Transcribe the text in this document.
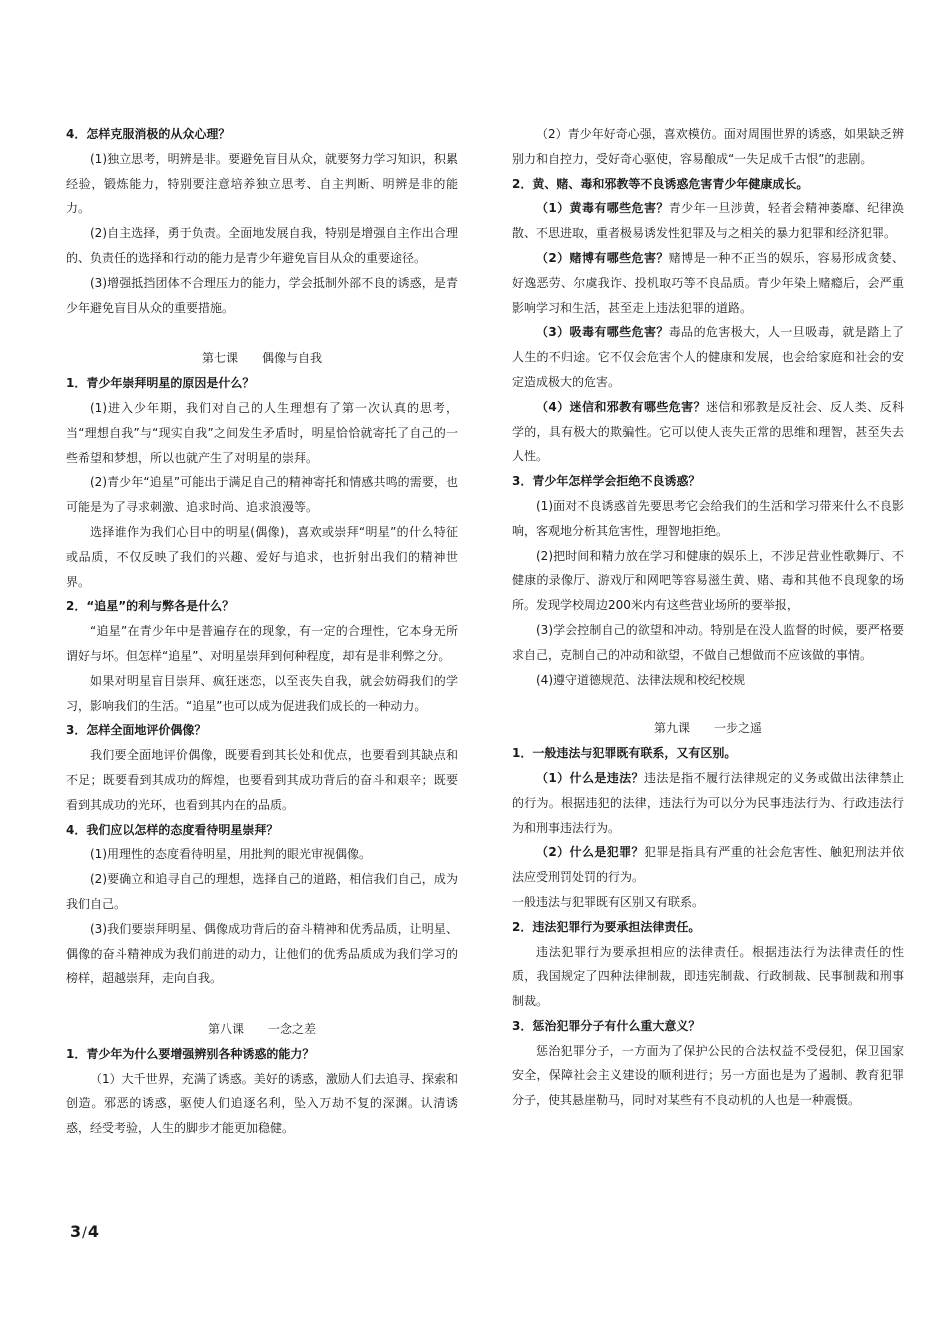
4．怎样克服消极的从众心理？

(1)独立思考，明辨是非。要避免盲目从众，就要努力学习知识，积累经验，锻炼能力，特别要注意培养独立思考、自主判断、明辨是非的能力。

(2)自主选择，勇于负责。全面地发展自我，特别是增强自主作出合理的、负责任的选择和行动的能力是青少年避免盲目从众的重要途径。

(3)增强抵挡团体不合理压力的能力，学会抵制外部不良的诱惑，是青少年避免盲目从众的重要措施。

第七课　　偶像与自我

1．青少年崇拜明星的原因是什么？

(1)进入少年期，我们对自己的人生理想有了第一次认真的思考，当“理想自我”与“现实自我”之间发生矛盾时，明星恰恰就寄托了自己的一些希望和梦想，所以也就产生了对明星的崇拜。

(2)青少年“追星”可能出于满足自己的精神寄托和情感共鸣的需要，也可能是为了寻求刺激、追求时尚、追求浪漫等。

选择谁作为我们心目中的明星(偶像)，喜欢或崇拜“明星”的什么特征或品质，不仅反映了我们的兴趣、爱好与追求，也折射出我们的精神世界。

2．“追星”的利与弊各是什么？

“追星”在青少年中是普遍存在的现象，有一定的合理性，它本身无所谓好与坏。但怎样“追星”、对明星崇拜到何种程度，却有是非利弊之分。

如果对明星盲目崇拜、疯狂迷恋，以至丧失自我，就会妨碍我们的学习，影响我们的生活。“追星”也可以成为促进我们成长的一种动力。

3．怎样全面地评价偶像？

我们要全面地评价偶像，既要看到其长处和优点，也要看到其缺点和不足；既要看到其成功的辉煌，也要看到其成功背后的奋斗和艰辛；既要看到其成功的光环，也看到其内在的品质。

4．我们应以怎样的态度看待明星崇拜？

(1)用理性的态度看待明星，用批判的眼光审视偶像。

(2)要确立和追寻自己的理想，选择自己的道路，相信我们自己，成为我们自己。

(3)我们要崇拜明星、偶像成功背后的奋斗精神和优秀品质，让明星、偶像的奋斗精神成为我们前进的动力，让他们的优秀品质成为我们学习的榜样，超越崇拜，走向自我。

第八课　　一念之差

1．青少年为什么要增强辨别各种诱惑的能力？

（1）大千世界，充满了诱惑。美好的诱惑，激励人们去追寻、探索和创造。邪恶的诱惑，驱使人们追逐名利，坠入万劫不复的深渊。认清诱惑，经受考验，人生的脚步才能更加稳健。

（2）青少年好奇心强，喜欢模仿。面对周围世界的诱惑，如果缺乏辨别力和自控力，受好奇心驱使，容易酿成“一失足成千古恨”的悲剧。

2．黄、赌、毒和邪教等不良诱惑危害青少年健康成长。

（1）黄毒有哪些危害？青少年一旦涉黄，轻者会精神萎靡、纪律涣散、不思进取，重者极易诱发性犯罪及与之相关的暴力犯罪和经济犯罪。

（2）赌博有哪些危害？赌博是一种不正当的娱乐，容易形成贪婪、好逸恶劳、尔虞我诈、投机取巧等不良品质。青少年染上赌瘾后，会严重影响学习和生活，甚至走上违法犯罪的道路。

（3）吸毒有哪些危害？毒品的危害极大，人一旦吸毒，就是踏上了人生的不归途。它不仅会危害个人的健康和发展，也会给家庭和社会的安定造成极大的危害。

（4）迷信和邪教有哪些危害？迷信和邪教是反社会、反人类、反科学的，具有极大的欺骗性。它可以使人丧失正常的思维和理智，甚至失去人性。

3．青少年怎样学会拒绝不良诱惑？

(1)面对不良诱惑首先要思考它会给我们的生活和学习带来什么不良影响，客观地分析其危害性，理智地拒绝。

(2)把时间和精力放在学习和健康的娱乐上，不涉足营业性歌舞厅、不健康的录像厅、游戏厅和网吧等容易滋生黄、赌、毒和其他不良现象的场所。发现学校周边200米内有这些营业场所的要举报，

(3)学会控制自己的欲望和冲动。特别是在没人监督的时候，要严格要求自己，克制自己的冲动和欲望，不做自己想做而不应该做的事情。

(4)遵守道德规范、法律法规和校纪校规

第九课　　一步之遥

1．一般违法与犯罪既有联系，又有区别。

（1）什么是违法？违法是指不履行法律规定的义务或做出法律禁止的行为。根据违犯的法律，违法行为可以分为民事违法行为、行政违法行为和刑事违法行为。

（2）什么是犯罪？犯罪是指具有严重的社会危害性、触犯刑法并依法应受刑罚处罚的行为。

一般违法与犯罪既有区别又有联系。

2．违法犯罪行为要承担法律责任。

违法犯罪行为要承担相应的法律责任。根据违法行为法律责任的性质，我国规定了四种法律制裁，即违宪制裁、行政制裁、民事制裁和刑事制裁。

3．惩治犯罪分子有什么重大意义？

惩治犯罪分子，一方面为了保护公民的合法权益不受侵犯，保卫国家安全，保障社会主义建设的顺利进行；另一方面也是为了遏制、教育犯罪分子，使其悬崖勒马，同时对某些有不良动机的人也是一种震慑。

3/4
